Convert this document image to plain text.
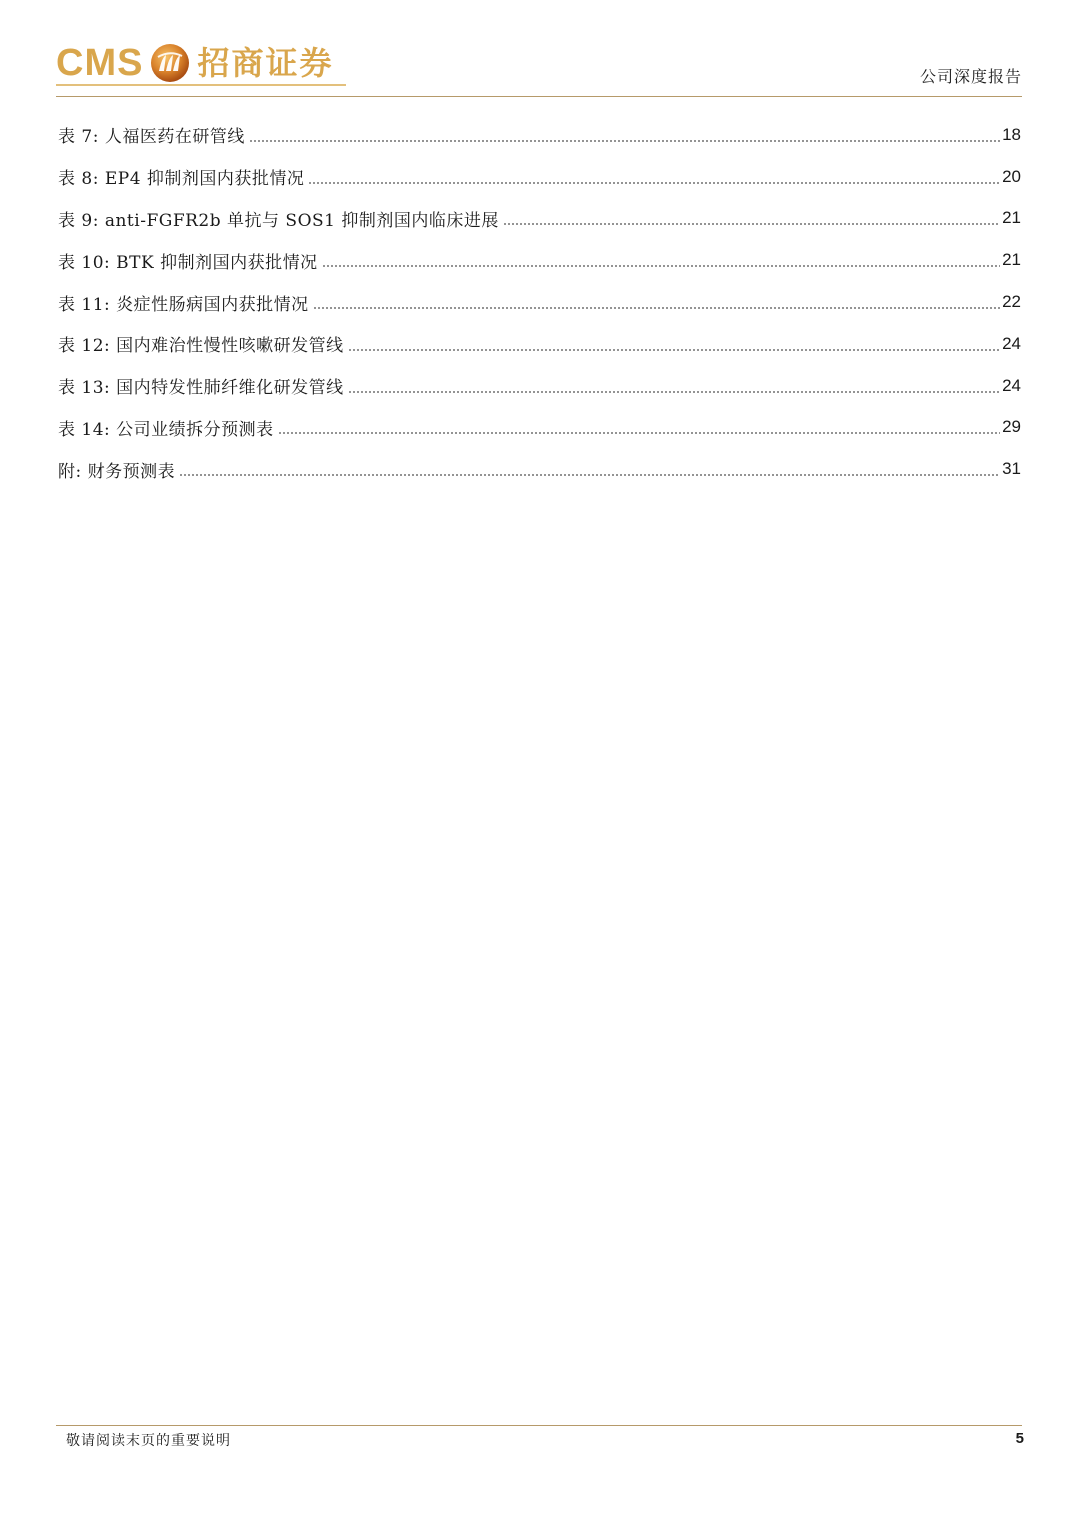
CMS 招商证券	公司深度报告
表 7: 人福医药在研管线	18
表 8: EP4 抑制剂国内获批情况	20
表 9: anti-FGFR2b 单抗与 SOS1 抑制剂国内临床进展	21
表 10: BTK 抑制剂国内获批情况	21
表 11: 炎症性肠病国内获批情况	22
表 12: 国内难治性慢性咳嗽研发管线	24
表 13: 国内特发性肺纤维化研发管线	24
表 14: 公司业绩拆分预测表	29
附: 财务预测表	31
敬请阅读末页的重要说明	5
